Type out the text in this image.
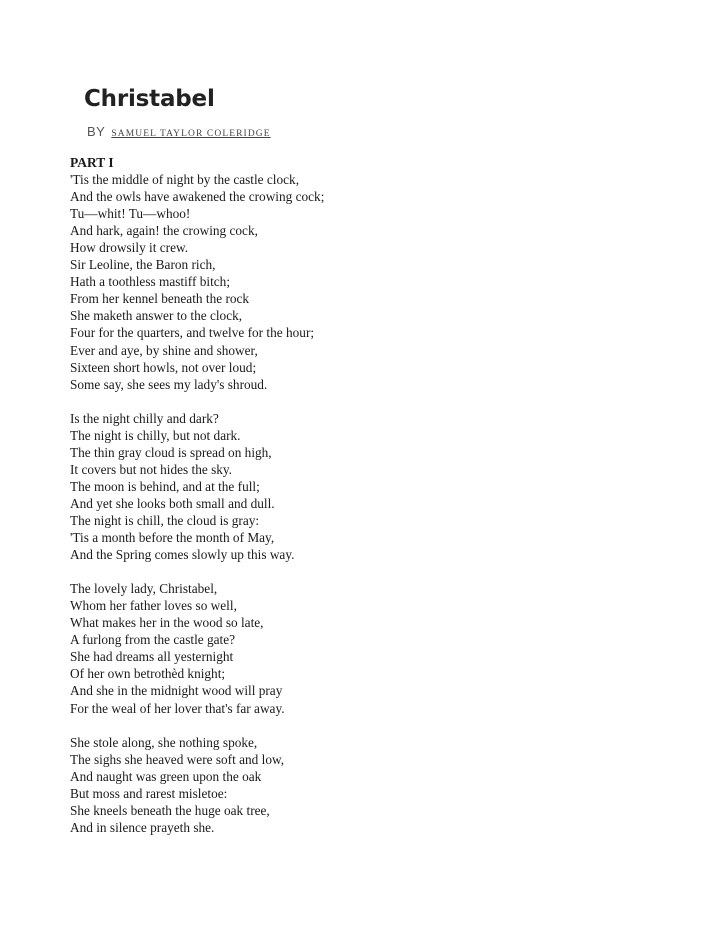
Christabel
BY SAMUEL TAYLOR COLERIDGE

PART I

'Tis the middle of night by the castle clock,
And the owls have awakened the crowing cock;
Tu—whit! Tu—whoo!
And hark, again! the crowing cock,
How drowsily it crew.
Sir Leoline, the Baron rich,
Hath a toothless mastiff bitch;
From her kennel beneath the rock
She maketh answer to the clock,
Four for the quarters, and twelve for the hour;
Ever and aye, by shine and shower,
Sixteen short howls, not over loud;
Some say, she sees my lady's shroud.

Is the night chilly and dark?
The night is chilly, but not dark.
The thin gray cloud is spread on high,
It covers but not hides the sky.
The moon is behind, and at the full;
And yet she looks both small and dull.
The night is chill, the cloud is gray:
'Tis a month before the month of May,
And the Spring comes slowly up this way.

The lovely lady, Christabel,
Whom her father loves so well,
What makes her in the wood so late,
A furlong from the castle gate?
She had dreams all yesternight
Of her own betrothèd knight;
And she in the midnight wood will pray
For the weal of her lover that's far away.

She stole along, she nothing spoke,
The sighs she heaved were soft and low,
And naught was green upon the oak
But moss and rarest misletoe:
She kneels beneath the huge oak tree,
And in silence prayeth she.
